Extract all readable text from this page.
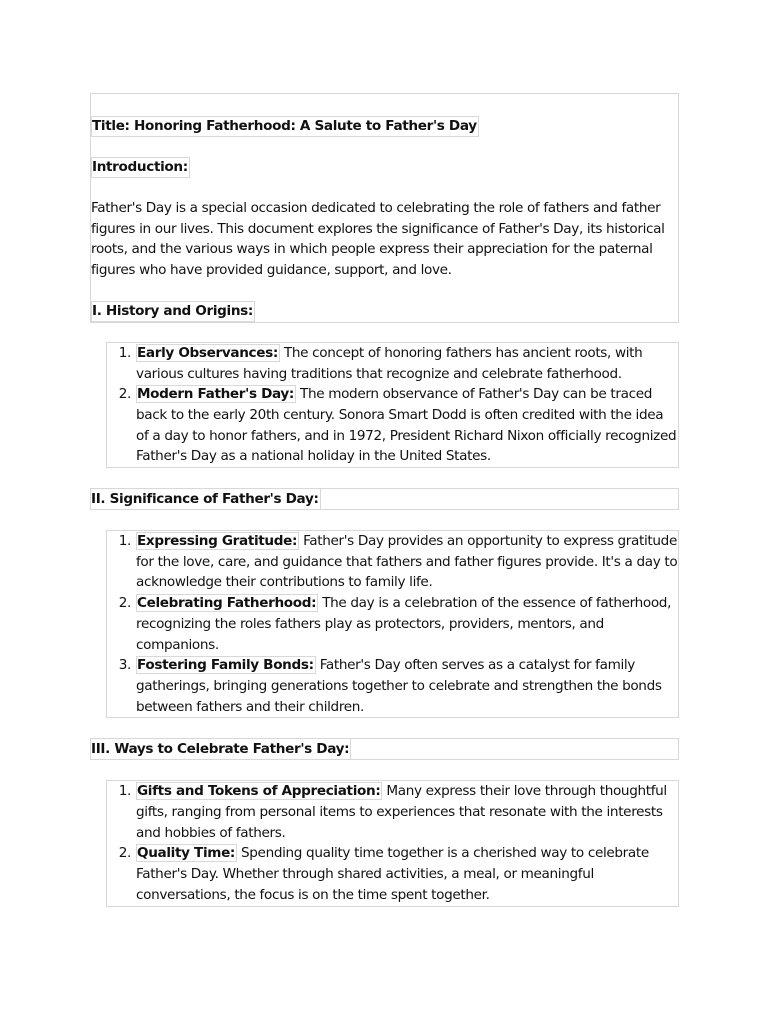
Title: Honoring Fatherhood: A Salute to Father's Day
Introduction:

Father's Day is a special occasion dedicated to celebrating the role of fathers and father figures in our lives. This document explores the significance of Father's Day, its historical roots, and the various ways in which people express their appreciation for the paternal figures who have provided guidance, support, and love.

I. History and Origins:
1. Early Observances: The concept of honoring fathers has ancient roots, with various cultures having traditions that recognize and celebrate fatherhood.
2. Modern Father's Day: The modern observance of Father's Day can be traced back to the early 20th century. Sonora Smart Dodd is often credited with the idea of a day to honor fathers, and in 1972, President Richard Nixon officially recognized Father's Day as a national holiday in the United States.
II. Significance of Father's Day:
1. Expressing Gratitude: Father's Day provides an opportunity to express gratitude for the love, care, and guidance that fathers and father figures provide. It's a day to acknowledge their contributions to family life.
2. Celebrating Fatherhood: The day is a celebration of the essence of fatherhood, recognizing the roles fathers play as protectors, providers, mentors, and companions.
3. Fostering Family Bonds: Father's Day often serves as a catalyst for family gatherings, bringing generations together to celebrate and strengthen the bonds between fathers and their children.
III. Ways to Celebrate Father's Day:
1. Gifts and Tokens of Appreciation: Many express their love through thoughtful gifts, ranging from personal items to experiences that resonate with the interests and hobbies of fathers.
2. Quality Time: Spending quality time together is a cherished way to celebrate Father's Day. Whether through shared activities, a meal, or meaningful conversations, the focus is on the time spent together.
